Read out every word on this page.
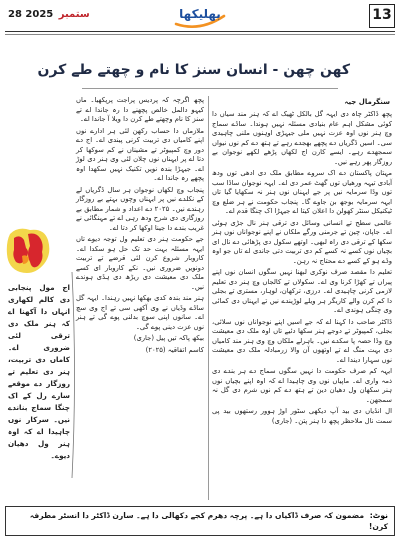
28	ستمبر 2025	بھلیکھا	13
کھن چھن - انسان سنز کا نام و چھتے طے کرن
سنگرمال جیہ

پچھ ڈاکٹر چاہ دی ایہہ گل بالکل ٹھیک اے کہ ہنر مند سیاں دا کوئی مشکل اہم عام بنیادی مسئلہ نہیں ہوندا۔ ساڈے سماج وچ ہنر نوں اوہ عزت نہیں ملی جیہڑی اوہنوں ملنی چاہیدی سی۔ اسیں ڈگریاں دے پچھے بھجدے رہے تے ہتھ دے کم نوں نیواں سمجھدے رہے۔ ایسے کارن اج لکھاں پڑھے لکھے نوجوان بے روزگار پھر رہے نیں۔

مہتان پاکستان دے اک سروے مطابق ملک دی ادھی توں ودھ آبادی تیہہ ورھیاں توں گھٹ عمر دی اے۔ ایہہ نوجوان ساڈا سب توں وڈا سرمایہ نیں پر جے ایہناں نوں ہنر نہ سکھایا گیا تاں ایہہ سرمایہ بوجھ بن جاوے گا۔ پنجاب حکومت نے ہر ضلع وچ ٹیکنیکل سنٹر کھولن دا اعلان کیتا اے جیہڑا اک چنگا قدم اے۔

عالمی سطح تے انسانی وسائل دی ترقی ہنر نال جڑی ہوئی اے۔ جاپان، چین تے جرمنی ورگے ملکاں نے اپنے نوجواناں نوں ہنر سکھا کے ترقی دی راہ لبھی۔ اوتھے سکول دی پڑھائی دے نال ای بچیاں نوں کسے نہ کسے کم دی تربیت دتی جاندی اے تاں جو اوہ وڈے ہو کے کسے دے محتاج نہ رہن۔

تعلیم دا مقصد صرف نوکری لبھنا نہیں سگوں انسان نوں اپنے پیراں تے کھڑا کرنا وی اے۔ سکولاں تے کالجاں وچ ہنر دی تعلیم لازمی کرنی چاہیدی اے۔ درزی، ترکھان، لوہار، مستری تے بجلی دا کم کرن والے کاریگر ہر ویلے لوڑیندے نیں تے ایہناں دی کمائی وی چنگی ہوندی اے۔

ڈاکٹر صاحب دا کہنا اے کہ جے اسیں اپنے نوجواناں نوں سلائی، بجلی، کمپیوٹر تے دوجے ہنر سکھا دئیے تاں اوہ ملک دی معیشت وچ وڈا حصہ پا سکدے نیں۔ باہرلے ملکاں وچ وی ہنر مند کامیاں دی بہت منگ اے تے اوتھوں آن والا زرمبادلہ ملک دی معیشت نوں سہارا دیندا اے۔

ایہہ کم صرف حکومت دا نہیں سگوں سماج دے ہر بندے دی ذمہ واری اے۔ ماپیاں نوں وی چاہیدا اے کہ اوہ اپنے بچیاں نوں ہنر سکھان ول دھیان دین تے ہتھ دے کم نوں شرم دی گل نہ سمجھن۔

ال انڈیاں دی بید آپ دیکھی سٹور اوڑ ہوور رستھوں بید پی سمت نال ملاحظر پچھ دا ہنر پتن۔ (جاری)

پچھ اگرچہ کہ پردیس پراجت پرپکھیا۔ ماں کیہو دالمل خالص پچھنے دا رہ جاندا اے تے سنز کا نام وچھتے طے کرن دا ویلا آ جاندا اے۔

ملازماں دا حساب رکھن لئی ہر ادارے نوں اپنے کامیاں دی تربیت کرنی پیندی اے۔ اج دے دور وچ کمپیوٹر تے مشیناں نے کم سوکھا کر دتا اے پر ایہناں نوں چلان لئی وی ہنر دی لوڑ اے۔ جیہڑا بندہ نویں تکنیک نہیں سکھدا اوہ پچھے رہ جاندا اے۔

پنجاب وچ لکھاں نوجوان ہر سال ڈگریاں لے کے نکلدے نیں پر ایہناں وچوں بہتے بے روزگار رہندے نیں۔ ۲۰۲۵ دے اعداد و شمار مطابق بے روزگاری دی شرح ودھ رہی اے تے مہنگائی نے غریب بندے دا جینا اوکھا کر دتا اے۔

جے حکومت ہنر دی تعلیم ول توجہ دیوے تاں ایہہ مسئلہ بہت حد تک حل ہو سکدا اے۔ کاروبار شروع کرن لئی قرضے تے تربیت دونویں ضروری نیں۔ نکے کاروبار ای کسے ملک دی معیشت دی ریڑھ دی ہڈی ہوندے نیں۔

ہنر مند بندہ کدی بھکھا نہیں رہندا۔ ایہہ گل ساڈے وڈیاں نے وی آکھی سی تے اج وی سچ اے۔ سانوں اپنی سوچ بدلنی پوے گی تے ہنر نوں عزت دینی پوے گی۔

بیکھ پاکہ تیں پیل (جاری)

کاسم اتفاقیہ (۲۰۲۵)

اج مول پنجابی دی کالم لکھاری انہاں دا آکھنا اے کہ ہنر ملک دی ترقی لئی ضروری اے۔ کاماں دی تربیت، ہنر دی تعلیم تے روزگار دے موقعے سارے رل کے اک چنگا سماج بناندے نیں۔ سرکار نوں چاہیدا اے کہ اوہ ہنر ول دھیان دیوے۔
نوٹ: مضمون کہ صرف ڈاکیاں دا ہے۔ پرچہ دھرم کجے دکھالی دا ہے۔ سارن ڈاکٹر دا انسٹر مطرفہ کرن!
